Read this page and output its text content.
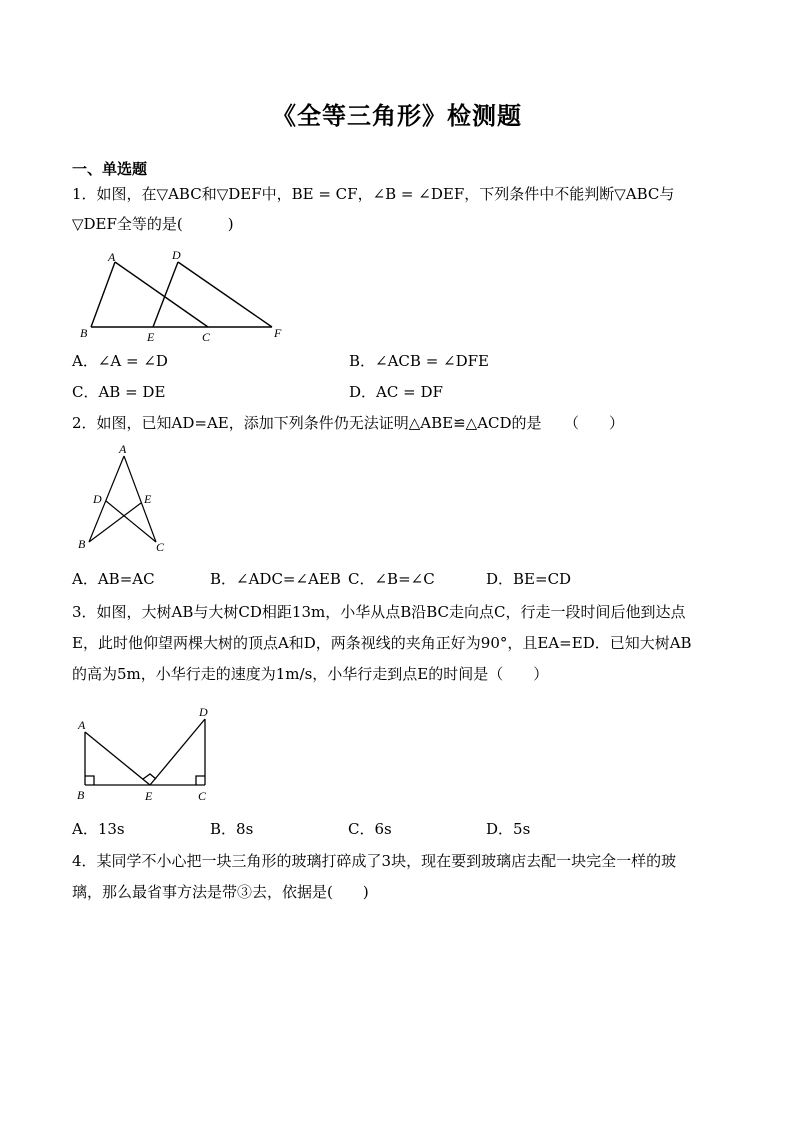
《全等三角形》检测题
一、单选题
1．如图，在▽ABC和▽DEF中，BE = CF，∠B = ∠DEF，下列条件中不能判断▽ABC与
▽DEF全等的是(　　　)
A	D
B	E	C	F
A．∠A = ∠D	B．∠ACB = ∠DFE
C．AB = DE	D．AC = DF
2．如图，已知AD=AE，添加下列条件仍无法证明△ABE≌△ACD的是　　（　　）
A
D	E
B	C
A．AB=AC	B．∠ADC=∠AEB C．∠B=∠C	D．BE=CD
3．如图，大树AB与大树CD相距13m，小华从点B沿BC走向点C，行走一段时间后他到达点
E，此时他仰望两棵大树的顶点A和D，两条视线的夹角正好为90°，且EA=ED．已知大树AB
的高为5m，小华行走的速度为1m/s，小华行走到点E的时间是（　　）
A
D
B	E	C
A．13s	B．8s	C．6s	D．5s
4．某同学不小心把一块三角形的玻璃打碎成了3块，现在要到玻璃店去配一块完全一样的玻
璃，那么最省事方法是带③去，依据是(　　)
